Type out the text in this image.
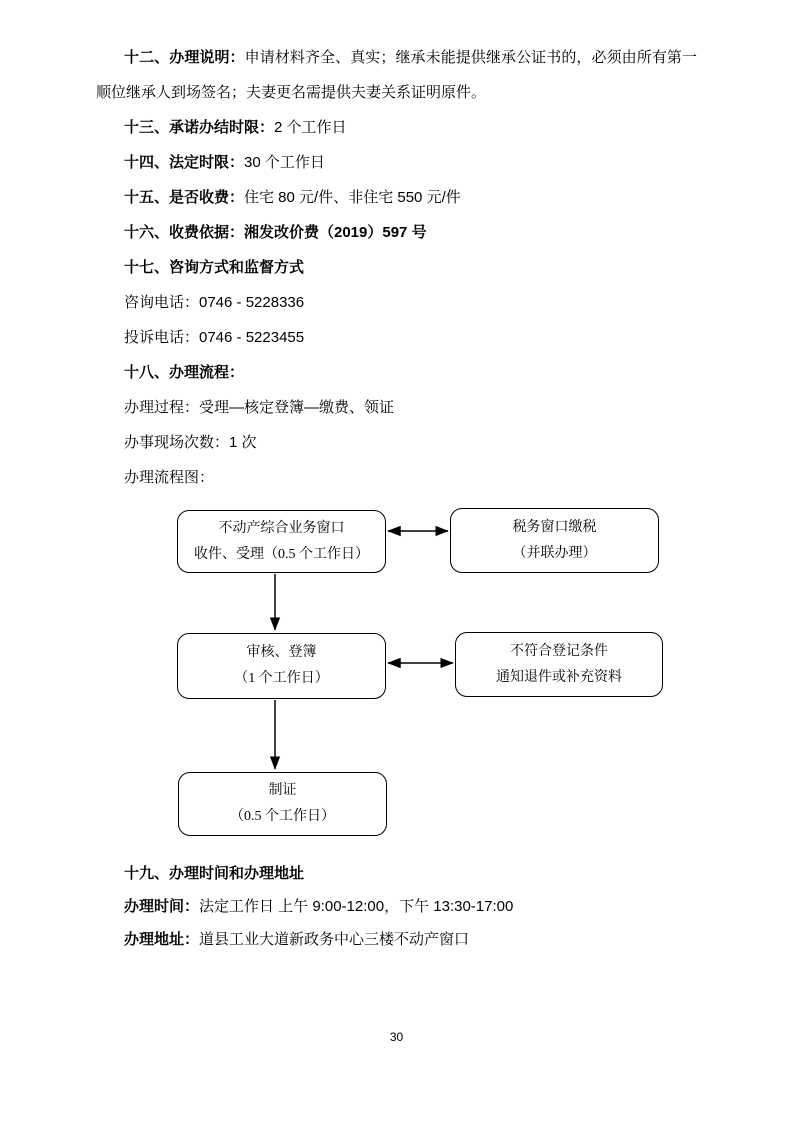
十二、办理说明：申请材料齐全、真实；继承未能提供继承公证书的，必须由所有第一顺位继承人到场签名；夫妻更名需提供夫妻关系证明原件。

十三、承诺办结时限：2 个工作日

十四、法定时限：30 个工作日

十五、是否收费：住宅 80 元/件、非住宅 550 元/件

十六、收费依据：湘发改价费（2019）597 号

十七、咨询方式和监督方式

咨询电话：0746 - 5228336

投诉电话：0746 - 5223455

十八、办理流程：

办理过程：受理—核定登簿—缴费、领证

办事现场次数：1 次

办理流程图：

不动产综合业务窗口
收件、受理（0.5 个工作日）
税务窗口缴税
（并联办理）
审核、登簿
（1 个工作日）
不符合登记条件
通知退件或补充资料
制证
（0.5 个工作日）

十九、办理时间和办理地址

办理时间：法定工作日 上午 9:00-12:00，下午 13:30-17:00

办理地址：道县工业大道新政务中心三楼不动产窗口

30
